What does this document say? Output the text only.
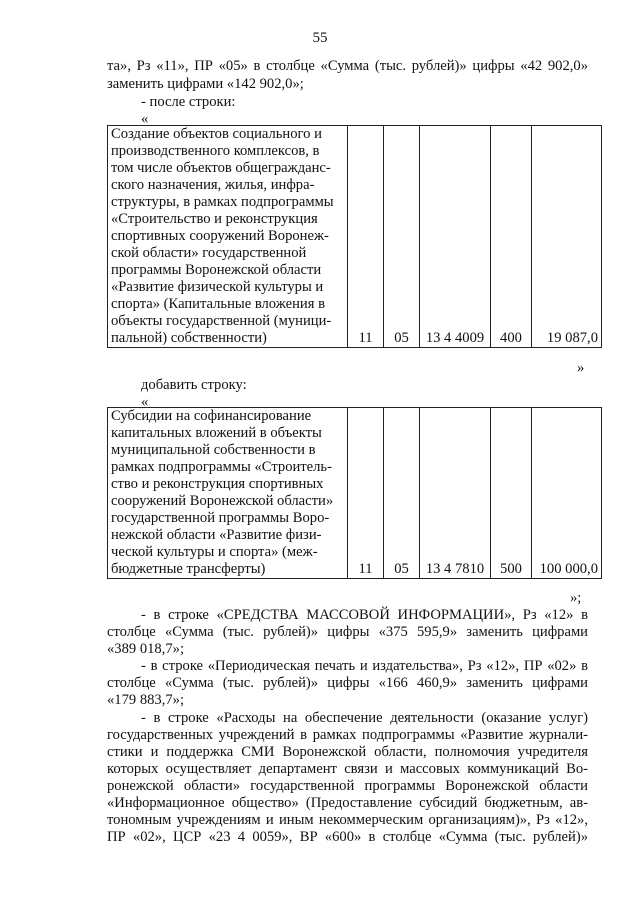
55
та», Рз «11», ПР «05» в столбце «Сумма (тыс. рублей)» цифры «42 902,0»
заменить цифрами «142 902,0»;
- после строки:
«
Создание объектов социального и
производственного комплексов, в
том числе объектов общегражданс-
ского назначения, жилья, инфра-
структуры, в рамках подпрограммы
«Строительство и реконструкция
спортивных сооружений Воронеж-
ской области» государственной
программы Воронежской области
«Развитие физической культуры и
спорта» (Капитальные вложения в
объекты государственной (муници-
пальной) собственности)	11	05	13 4 4009	400	19 087,0
»
добавить строку:
«
Субсидии на софинансирование
капитальных вложений в объекты
муниципальной собственности в
рамках подпрограммы «Строитель-
ство и реконструкция спортивных
сооружений Воронежской области»
государственной программы Воро-
нежской области «Развитие физи-
ческой культуры и спорта» (меж-
бюджетные трансферты)	11	05	13 4 7810	500	100 000,0
»;
- в строке «СРЕДСТВА МАССОВОЙ ИНФОРМАЦИИ», Рз «12» в
столбце «Сумма (тыс. рублей)» цифры «375 595,9» заменить цифрами
«389 018,7»;
- в строке «Периодическая печать и издательства», Рз «12», ПР «02» в
столбце «Сумма (тыс. рублей)» цифры «166 460,9» заменить цифрами
«179 883,7»;
- в строке «Расходы на обеспечение деятельности (оказание услуг)
государственных учреждений в рамках подпрограммы «Развитие журнали-
стики и поддержка СМИ Воронежской области, полномочия учредителя
которых осуществляет департамент связи и массовых коммуникаций Во-
ронежской области» государственной программы Воронежской области
«Информационное общество» (Предоставление субсидий бюджетным, ав-
тономным учреждениям и иным некоммерческим организациям)», Рз «12»,
ПР «02», ЦСР «23 4 0059», ВР «600» в столбце «Сумма (тыс. рублей)»
